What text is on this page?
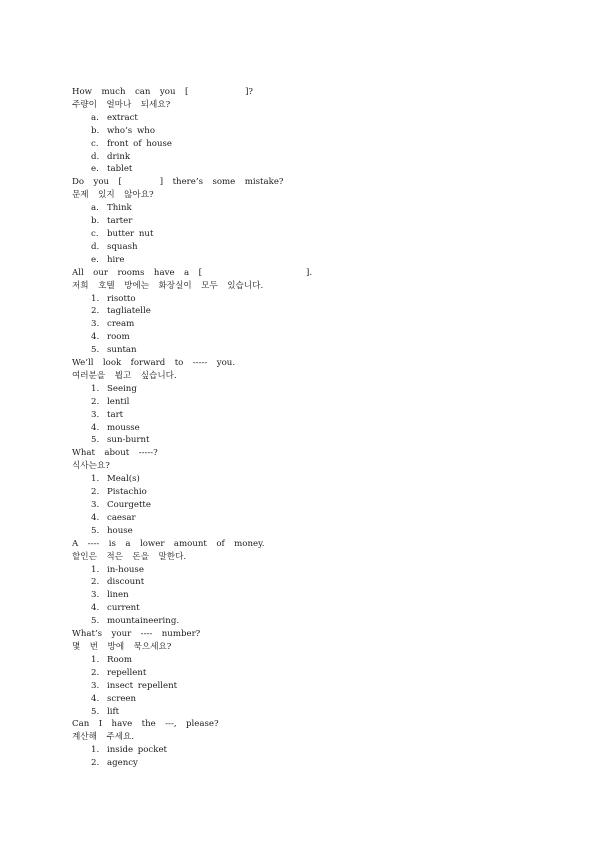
How  much  can  you  [            ]?
주량이  얼마나  되세요?
a. extract
b. who’s who
c. front of house
d. drink
e. tablet
Do  you  [        ]  there’s  some  mistake?
문제  있지  않아요?
a. Think
b. tarter
c. butter nut
d. squash
e. hire
All  our  rooms  have  a  [                      ].
저희  호텔  방에는  화장실이  모두  있습니다.
1. risotto
2. tagliatelle
3. cream
4. room
5. suntan
We’ll  look  forward  to  -----  you.
여러분을  뵙고  싶습니다.
1. Seeing
2. lentil
3. tart
4. mousse
5. sun-burnt
What  about  -----?
식사는요?
1. Meal(s)
2. Pistachio
3. Courgette
4. caesar
5. house
A  ----  is  a  lower  amount  of  money.
할인은  적은  돈을  말한다.
1. in-house
2. discount
3. linen
4. current
5. mountaineering.
What’s  your  ----  number?
몇  번  방에  묵으세요?
1. Room
2. repellent
3. insect repellent
4. screen
5. lift
Can  I  have  the  ---,  please?
계산해  주세요.
1. inside pocket
2. agency
